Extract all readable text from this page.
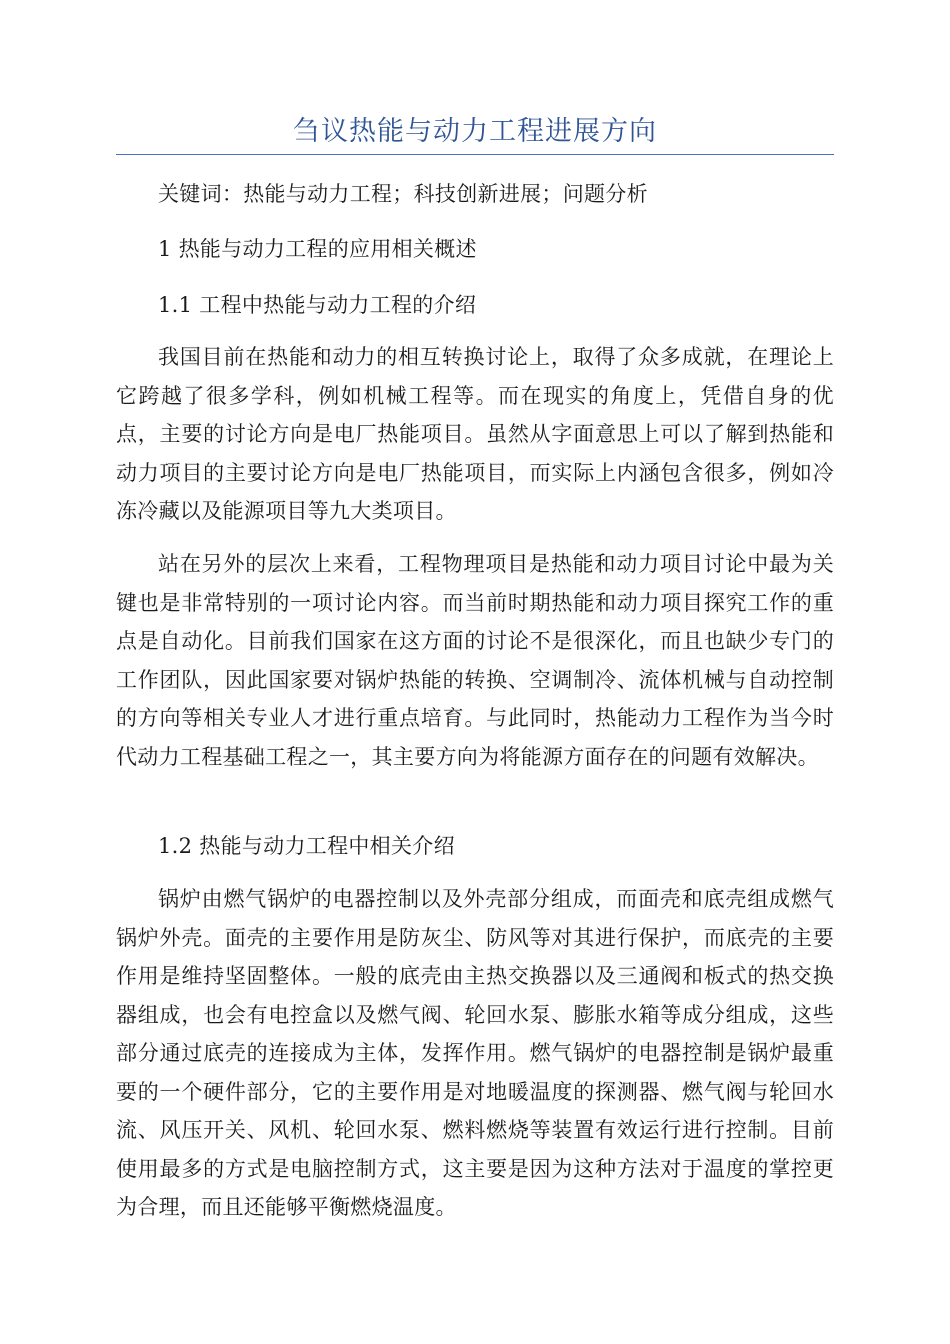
刍议热能与动力工程进展方向

关键词：热能与动力工程；科技创新进展；问题分析

1 热能与动力工程的应用相关概述

1.1 工程中热能与动力工程的介绍

我国目前在热能和动力的相互转换讨论上，取得了众多成就，在理论上它跨越了很多学科，例如机械工程等。而在现实的角度上，凭借自身的优点，主要的讨论方向是电厂热能项目。虽然从字面意思上可以了解到热能和动力项目的主要讨论方向是电厂热能项目，而实际上内涵包含很多，例如冷冻冷藏以及能源项目等九大类项目。

站在另外的层次上来看，工程物理项目是热能和动力项目讨论中最为关键也是非常特别的一项讨论内容。而当前时期热能和动力项目探究工作的重点是自动化。目前我们国家在这方面的讨论不是很深化，而且也缺少专门的工作团队，因此国家要对锅炉热能的转换、空调制冷、流体机械与自动控制的方向等相关专业人才进行重点培育。与此同时，热能动力工程作为当今时代动力工程基础工程之一，其主要方向为将能源方面存在的问题有效解决。

1.2 热能与动力工程中相关介绍

锅炉由燃气锅炉的电器控制以及外壳部分组成，而面壳和底壳组成燃气锅炉外壳。面壳的主要作用是防灰尘、防风等对其进行保护，而底壳的主要作用是维持坚固整体。一般的底壳由主热交换器以及三通阀和板式的热交换器组成，也会有电控盒以及燃气阀、轮回水泵、膨胀水箱等成分组成，这些部分通过底壳的连接成为主体，发挥作用。燃气锅炉的电器控制是锅炉最重要的一个硬件部分，它的主要作用是对地暖温度的探测器、燃气阀与轮回水流、风压开关、风机、轮回水泵、燃料燃烧等装置有效运行进行控制。目前使用最多的方式是电脑控制方式，这主要是因为这种方法对于温度的掌控更为合理，而且还能够平衡燃烧温度。
